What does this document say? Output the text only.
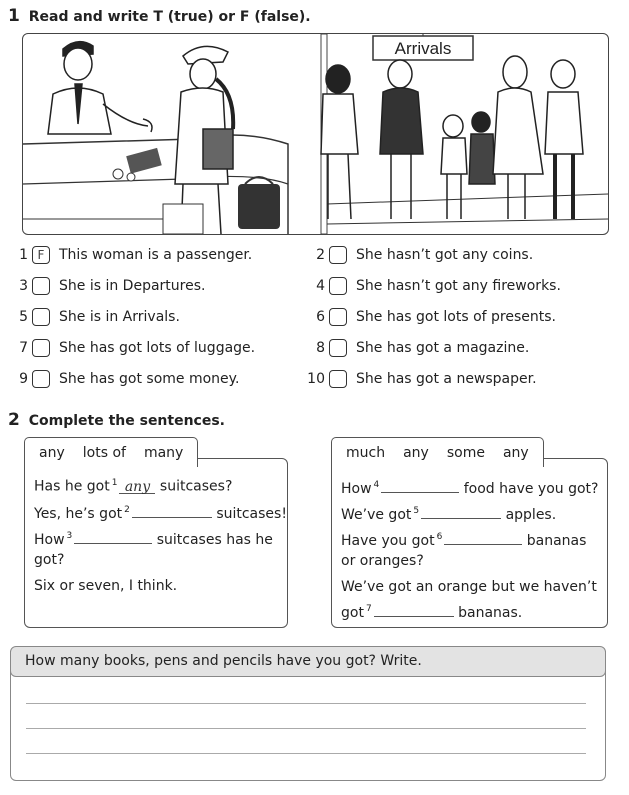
1 Read and write T (true) or F (false).
Arrivals
1 F	This woman is a passenger.	2 She hasn’t got any coins.
3 She is in Departures.	4 She hasn’t got any fireworks.
5 She is in Arrivals.	6 She has got lots of presents.
7 She has got lots of luggage.	8 She has got a magazine.
9 She has got some money.	10 She has got a newspaper.
2 Complete the sentences.
any lots of many
Has he got $^1$ any suitcases?
Yes, he’s got $^2$	suitcases!
How $^3$	suitcases has he
got?
Six or seven, I think.
much any some any
How $^4$	food have you got?
We’ve got $^5$	apples.
Have you got $^6$	bananas
or oranges?
We’ve got an orange but we haven’t
got $^7$	bananas.
How many books, pens and pencils have you got? Write.
